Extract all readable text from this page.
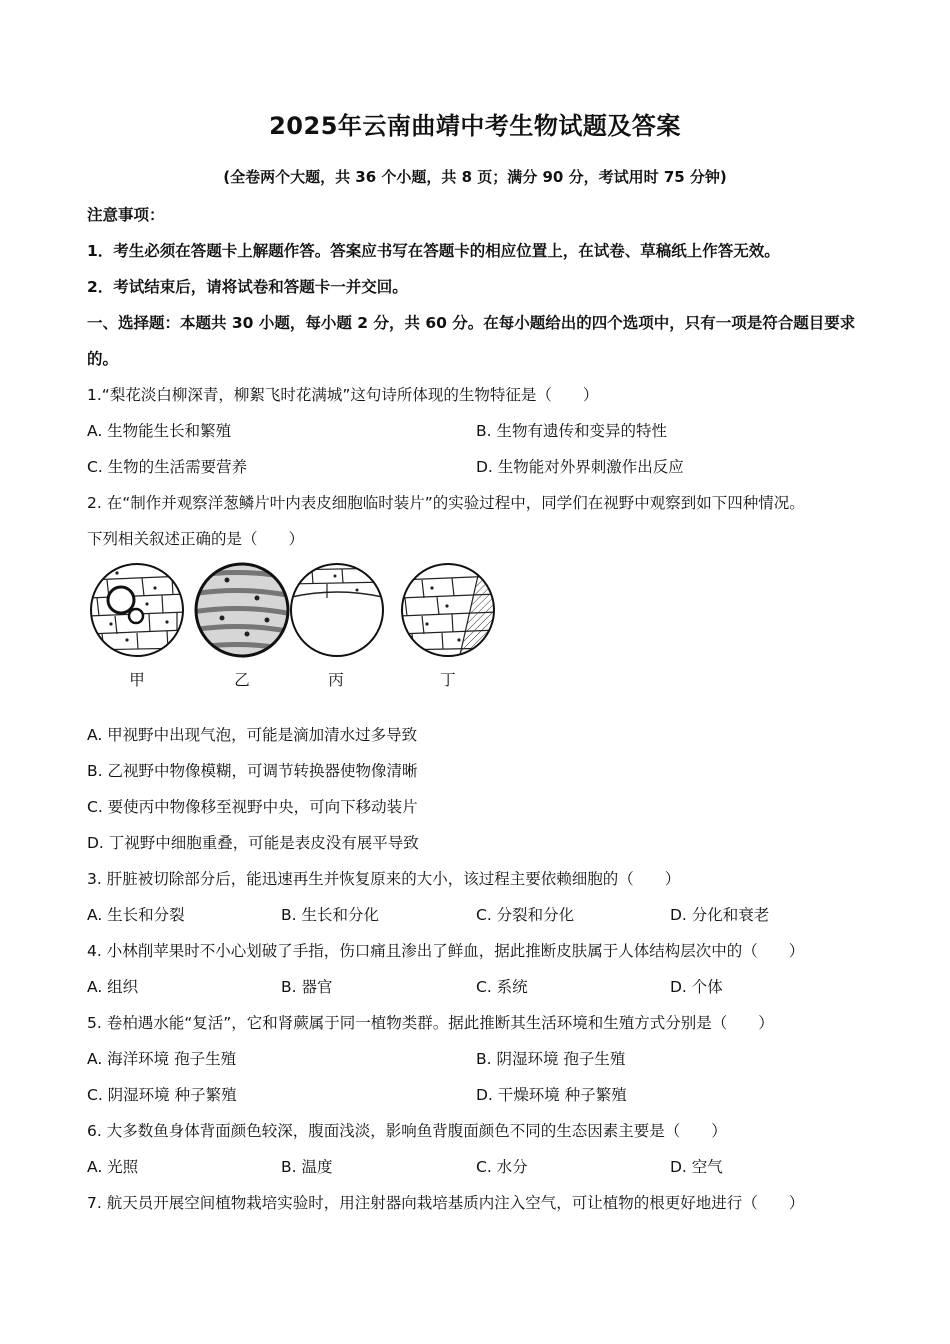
2025年云南曲靖中考生物试题及答案
(全卷两个大题，共 36 个小题，共 8 页；满分 90 分，考试用时 75 分钟)
注意事项：
1．考生必须在答题卡上解题作答。答案应书写在答题卡的相应位置上，在试卷、草稿纸上作答无效。
2．考试结束后，请将试卷和答题卡一并交回。
一、选择题：本题共 30 小题，每小题 2 分，共 60 分。在每小题给出的四个选项中，只有一项是符合题目要求
的。
1.“梨花淡白柳深青，柳絮飞时花满城”这句诗所体现的生物特征是（　　）
A. 生物能生长和繁殖	B. 生物有遗传和变异的特性
C. 生物的生活需要营养	D. 生物能对外界刺激作出反应
2. 在“制作并观察洋葱鳞片叶内表皮细胞临时装片”的实验过程中，同学们在视野中观察到如下四种情况。
下列相关叙述正确的是（　　）
甲	乙	丙	丁
A. 甲视野中出现气泡，可能是滴加清水过多导致
B. 乙视野中物像模糊，可调节转换器使物像清晰
C. 要使丙中物像移至视野中央，可向下移动装片
D. 丁视野中细胞重叠，可能是表皮没有展平导致
3. 肝脏被切除部分后，能迅速再生并恢复原来的大小，该过程主要依赖细胞的（　　）
A. 生长和分裂	B. 生长和分化	C. 分裂和分化	D. 分化和衰老
4. 小林削苹果时不小心划破了手指，伤口痛且渗出了鲜血，据此推断皮肤属于人体结构层次中的（　　）
A. 组织	B. 器官	C. 系统	D. 个体
5. 卷柏遇水能“复活”，它和肾蕨属于同一植物类群。据此推断其生活环境和生殖方式分别是（　　）
A. 海洋环境 孢子生殖	B. 阴湿环境 孢子生殖
C. 阴湿环境 种子繁殖	D. 干燥环境 种子繁殖
6. 大多数鱼身体背面颜色较深，腹面浅淡，影响鱼背腹面颜色不同的生态因素主要是（　　）
A. 光照	B. 温度	C. 水分	D. 空气
7. 航天员开展空间植物栽培实验时，用注射器向栽培基质内注入空气，可让植物的根更好地进行（　　）
